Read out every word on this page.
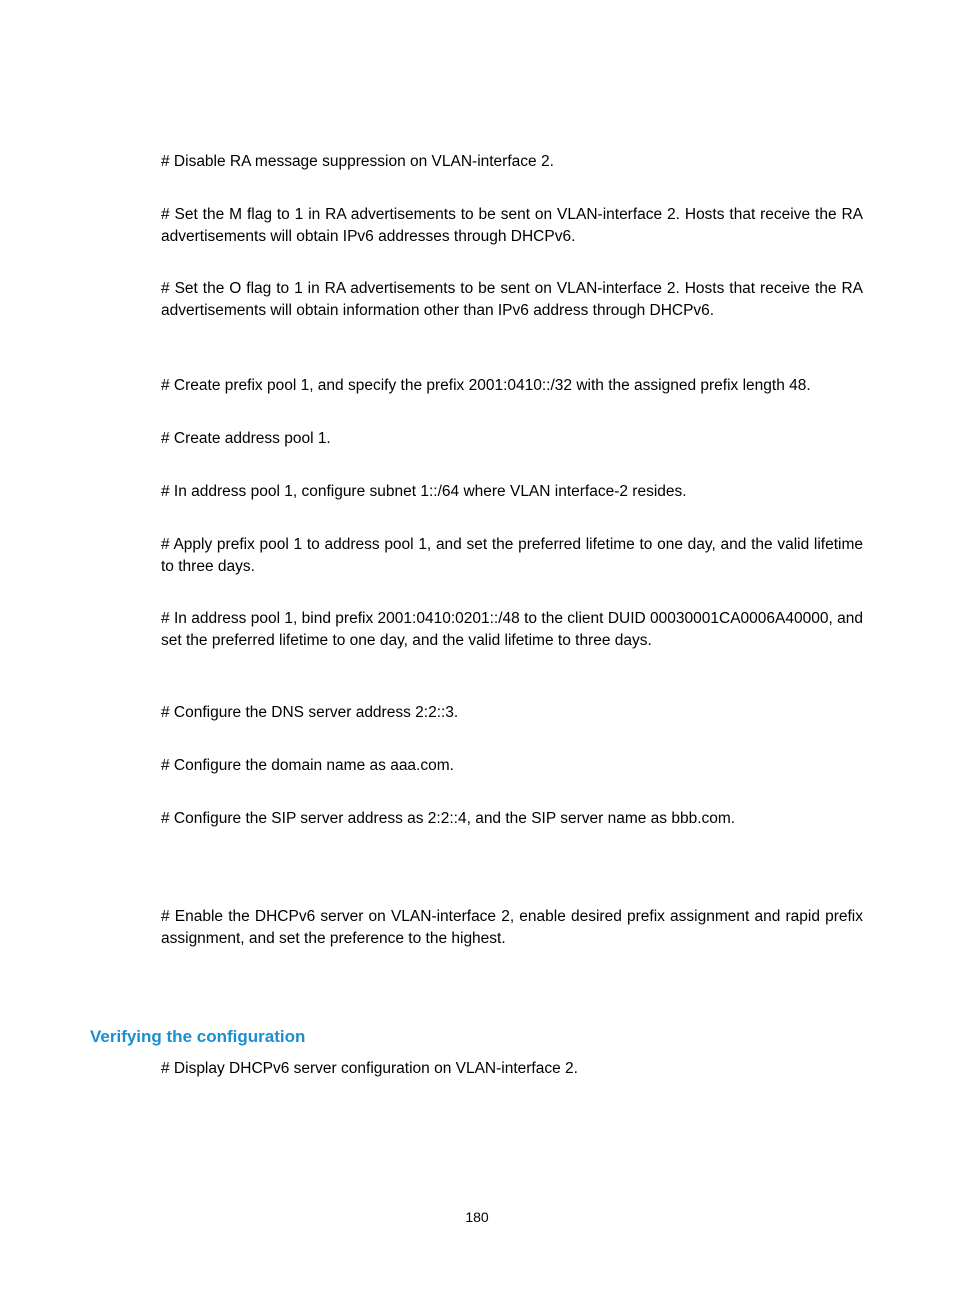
# Disable RA message suppression on VLAN-interface 2.

# Set the M flag to 1 in RA advertisements to be sent on VLAN-interface 2. Hosts that receive the RA advertisements will obtain IPv6 addresses through DHCPv6.

# Set the O flag to 1 in RA advertisements to be sent on VLAN-interface 2. Hosts that receive the RA advertisements will obtain information other than IPv6 address through DHCPv6.

# Create prefix pool 1, and specify the prefix 2001:0410::/32 with the assigned prefix length 48.

# Create address pool 1.

# In address pool 1, configure subnet 1::/64 where VLAN interface-2 resides.

# Apply prefix pool 1 to address pool 1, and set the preferred lifetime to one day, and the valid lifetime to three days.

# In address pool 1, bind prefix 2001:0410:0201::/48 to the client DUID 00030001CA0006A40000, and set the preferred lifetime to one day, and the valid lifetime to three days.

# Configure the DNS server address 2:2::3.

# Configure the domain name as aaa.com.

# Configure the SIP server address as 2:2::4, and the SIP server name as bbb.com.

# Enable the DHCPv6 server on VLAN-interface 2, enable desired prefix assignment and rapid prefix assignment, and set the preference to the highest.

Verifying the configuration

# Display DHCPv6 server configuration on VLAN-interface 2.

180
